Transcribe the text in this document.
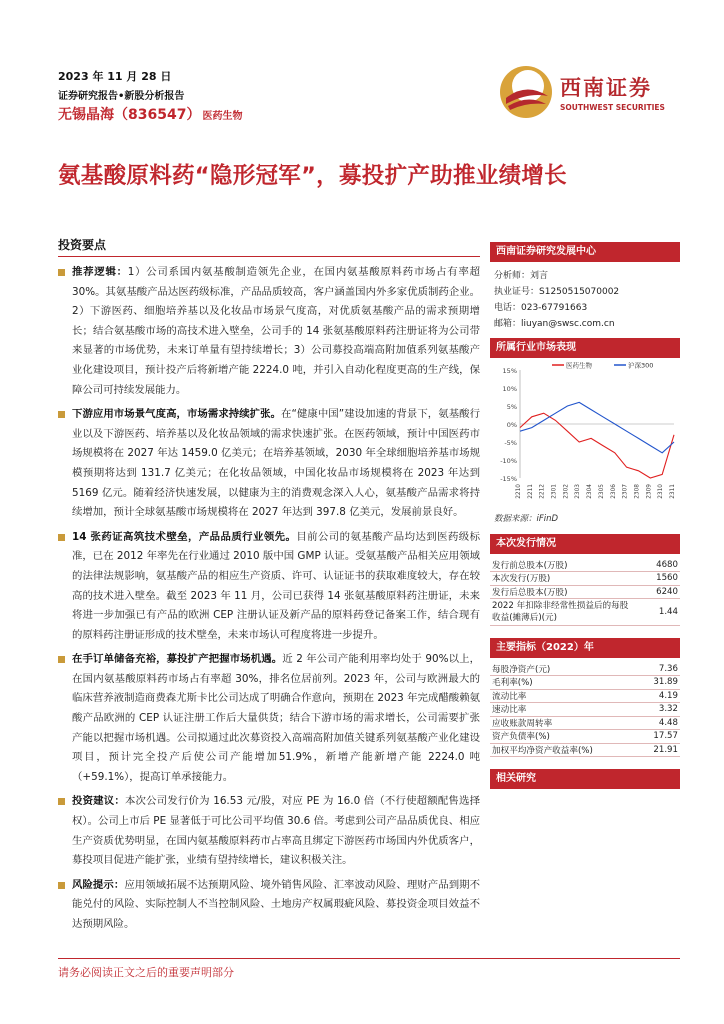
2023 年 11 月 28 日
证券研究报告•新股分析报告
无锡晶海（836547） 医药生物
西南证券
SOUTHWEST SECURITIES
氨基酸原料药“隐形冠军”，募投扩产助推业绩增长
投资要点
推荐逻辑：1）公司系国内氨基酸制造领先企业，在国内氨基酸原料药市场占有率超 30%。其氨基酸产品达医药级标准，产品品质较高，客户涵盖国内外多家优质制药企业。2）下游医药、细胞培养基以及化妆品市场景气度高，对优质氨基酸产品的需求预期增长；结合氨基酸市场的高技术进入壁垒，公司手的 14 张氨基酸原料药注册证将为公司带来显著的市场优势，未来订单量有望持续增长；3）公司募投高端高附加值系列氨基酸产业化建设项目，预计投产后将新增产能 2224.0 吨，并引入自动化程度更高的生产线，保障公司可持续发展能力。
下游应用市场景气度高，市场需求持续扩张。在“健康中国”建设加速的背景下，氨基酸行业以及下游医药、培养基以及化妆品领域的需求快速扩张。在医药领域，预计中国医药市场规模将在 2027 年达 1459.0 亿美元；在培养基领域，2030 年全球细胞培养基市场规模预期将达到 131.7 亿美元；在化妆品领域，中国化妆品市场规模将在 2023 年达到 5169 亿元。随着经济快速发展，以健康为主的消费观念深入人心，氨基酸产品需求将持续增加，预计全球氨基酸市场规模将在 2027 年达到 397.8 亿美元，发展前景良好。
14 张药证高筑技术壁垒，产品品质行业领先。目前公司的氨基酸产品均达到医药级标准，已在 2012 年率先在行业通过 2010 版中国 GMP 认证。受氨基酸产品相关应用领域的法律法规影响，氨基酸产品的相应生产资质、许可、认证证书的获取难度较大，存在较高的技术进入壁垒。截至 2023 年 11 月，公司已获得 14 张氨基酸原料药注册证，未来将进一步加强已有产品的欧洲 CEP 注册认证及新产品的原料药登记备案工作，结合现有的原料药注册证形成的技术壁垒，未来市场认可程度将进一步提升。
在手订单储备充裕，募投扩产把握市场机遇。近 2 年公司产能利用率均处于 90%以上，在国内氨基酸原料药市场占有率超 30%，排名位居前列。2023 年，公司与欧洲最大的临床营养液制造商费森尤斯卡比公司达成了明确合作意向，预期在 2023 年完成醋酸赖氨酸产品欧洲的 CEP 认证注册工作后大量供货；结合下游市场的需求增长，公司需要扩张产能以把握市场机遇。公司拟通过此次募资投入高端高附加值关键系列氨基酸产业化建设项目，预计完全投产后使公司产能增加51.9%，新增产能新增产能 2224.0 吨（+59.1%），提高订单承接能力。
投资建议：本次公司发行价为 16.53 元/股，对应 PE 为 16.0 倍（不行使超额配售选择权）。公司上市后 PE 显著低于可比公司平均值 30.6 倍。考虑到公司产品品质优良、相应生产资质优势明显，在国内氨基酸原料药市占率高且绑定下游医药市场国内外优质客户，募投项目促进产能扩张，业绩有望持续增长，建议积极关注。
风险提示：应用领域拓展不达预期风险、境外销售风险、汇率波动风险、理财产品到期不能兑付的风险、实际控制人不当控制风险、土地房产权属瑕疵风险、募投资金项目效益不达预期风险。
西南证券研究发展中心
分析师：刘言
执业证号：S1250515070002
电话：023-67791663
邮箱：liuyan@swsc.com.cn
所属行业市场表现
15%
10%
5%
0%
-5%
-10%
-15%
2210 2211 2212 2301 2302 2303 2304 2305 2306 2307 2308 2309 2310 2311
医药生物	沪深300
数据来源：iFinD
本次发行情况
发行前总股本(万股)	4680
本次发行(万股)	1560
发行后总股本(万股)	6240
2022 年扣除非经常性损益后的每股收益(摊薄后)(元)	1.44
主要指标（2022）年
每股净资产(元)	7.36
毛利率(%)	31.89
流动比率	4.19
速动比率	3.32
应收账款周转率	4.48
资产负债率(%)	17.57
加权平均净资产收益率(%)	21.91
相关研究
请务必阅读正文之后的重要声明部分
